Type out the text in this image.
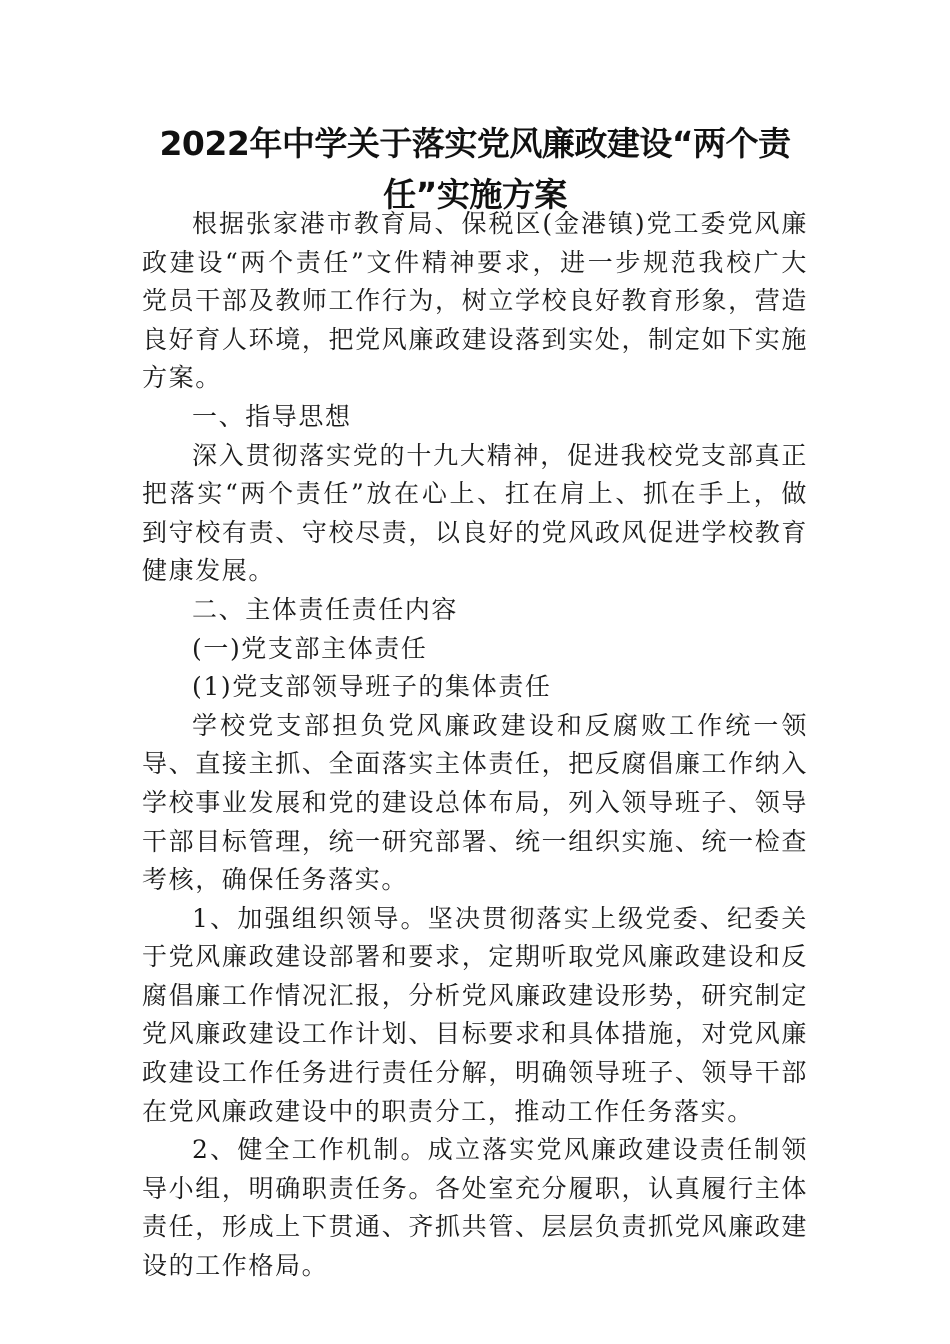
2022年中学关于落实党风廉政建设“两个责任”实施方案

根据张家港市教育局、保税区(金港镇)党工委党风廉政建设“两个责任”文件精神要求，进一步规范我校广大党员干部及教师工作行为，树立学校良好教育形象，营造良好育人环境，把党风廉政建设落到实处，制定如下实施方案。

一、指导思想

深入贯彻落实党的十九大精神，促进我校党支部真正把落实“两个责任”放在心上、扛在肩上、抓在手上，做到守校有责、守校尽责，以良好的党风政风促进学校教育健康发展。

二、主体责任责任内容

(一)党支部主体责任

(1)党支部领导班子的集体责任

学校党支部担负党风廉政建设和反腐败工作统一领导、直接主抓、全面落实主体责任，把反腐倡廉工作纳入学校事业发展和党的建设总体布局，列入领导班子、领导干部目标管理，统一研究部署、统一组织实施、统一检查考核，确保任务落实。

1、加强组织领导。坚决贯彻落实上级党委、纪委关于党风廉政建设部署和要求，定期听取党风廉政建设和反腐倡廉工作情况汇报，分析党风廉政建设形势，研究制定党风廉政建设工作计划、目标要求和具体措施，对党风廉政建设工作任务进行责任分解，明确领导班子、领导干部在党风廉政建设中的职责分工，推动工作任务落实。

2、健全工作机制。成立落实党风廉政建设责任制领导小组，明确职责任务。各处室充分履职，认真履行主体责任，形成上下贯通、齐抓共管、层层负责抓党风廉政建设的工作格局。
